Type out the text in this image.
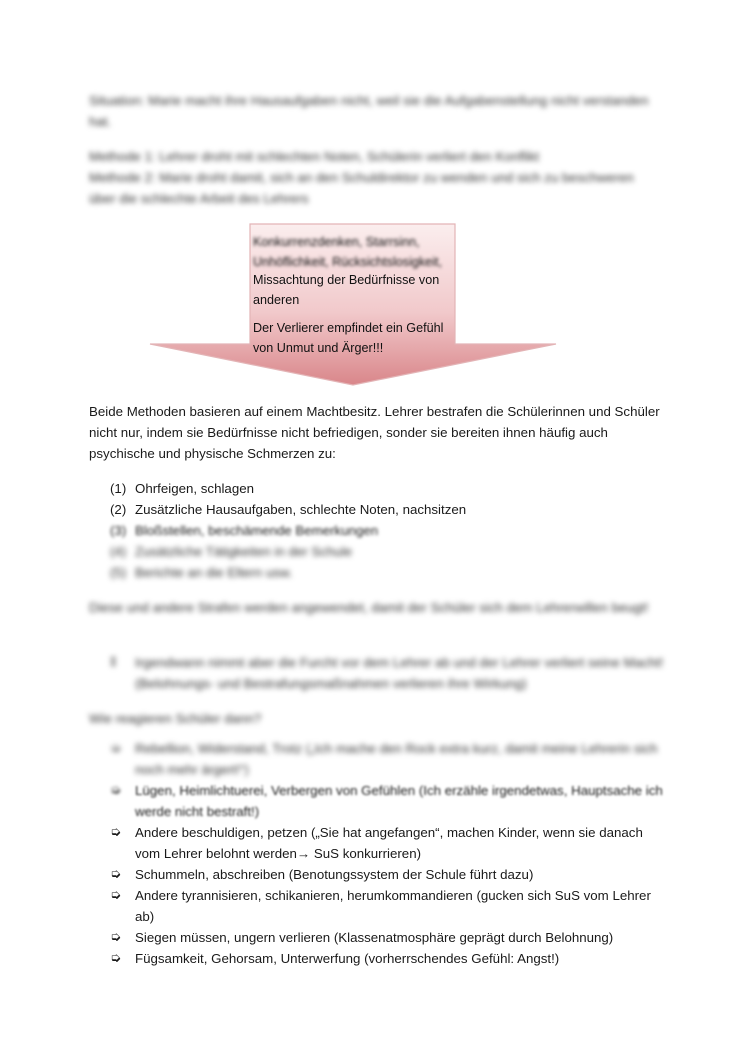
Situation: Marie macht ihre Hausaufgaben nicht, weil sie die Aufgabenstellung nicht verstanden hat.
Methode 1: Lehrer droht mit schlechten Noten, Schülerin verliert den Konflikt
Methode 2: Marie droht damit, sich an den Schuldirektor zu wenden und sich zu beschweren über die schlechte Arbeit des Lehrers
Konkurrenzdenken, Starrsinn, Unhöflichkeit, Rücksichtslosigkeit,
Missachtung der Bedürfnisse von anderen
Der Verlierer empfindet ein Gefühl von Unmut und Ärger!!!
Beide Methoden basieren auf einem Machtbesitz. Lehrer bestrafen die Schülerinnen und Schüler nicht nur, indem sie Bedürfnisse nicht befriedigen, sonder sie bereiten ihnen häufig auch psychische und physische Schmerzen zu:
(1) Ohrfeigen, schlagen
(2) Zusätzliche Hausaufgaben, schlechte Noten, nachsitzen
(3) Bloßstellen, beschämende Bemerkungen
(4) Zusätzliche Tätigkeiten in der Schule
(5) Berichte an die Eltern usw.
Diese und andere Strafen werden angewendet, damit der Schüler sich dem Lehrerwillen beugt!
‡	Irgendwann nimmt aber die Furcht vor dem Lehrer ab und der Lehrer verliert seine Macht! (Belohnungs- und Bestrafungsmaßnahmen verlieren ihre Wirkung)
Wie reagieren Schüler dann?
➭	Rebellion, Widerstand, Trotz („Ich mache den Rock extra kurz, damit meine Lehrerin sich noch mehr ärgert!“)
➭	Lügen, Heimlichtuerei, Verbergen von Gefühlen (Ich erzähle irgendetwas, Hauptsache ich werde nicht bestraft!)
➭	Andere beschuldigen, petzen („Sie hat angefangen“, machen Kinder, wenn sie danach vom Lehrer belohnt werden→ SuS konkurrieren)
➭	Schummeln, abschreiben (Benotungssystem der Schule führt dazu)
➭	Andere tyrannisieren, schikanieren, herumkommandieren (gucken sich SuS vom Lehrer ab)
➭	Siegen müssen, ungern verlieren (Klassenatmosphäre geprägt durch Belohnung)
➭	Fügsamkeit, Gehorsam, Unterwerfung (vorherrschendes Gefühl: Angst!)
